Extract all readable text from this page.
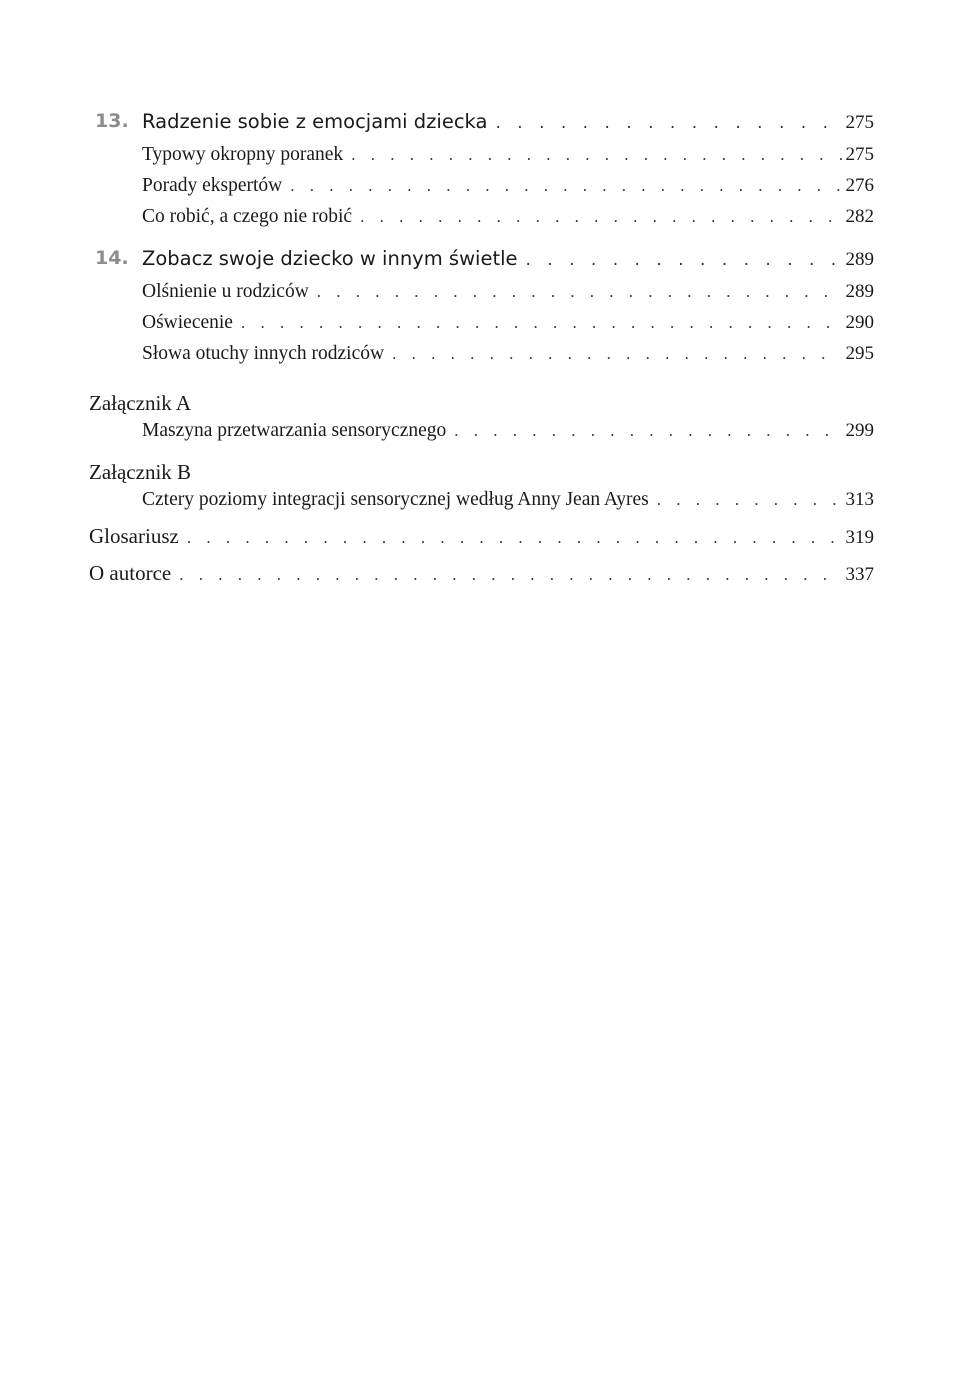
13. Radzenie sobie z emocjami dziecka . . .	275
Typowy okropny poranek . . .	275
Porady ekspertów . . .	276
Co robić, a czego nie robić . . .	282
14. Zobacz swoje dziecko w innym świetle . . .	289
Olśnienie u rodziców . . .	289
Oświecenie . . .	290
Słowa otuchy innych rodziców . . .	295
Załącznik A
Maszyna przetwarzania sensorycznego . . .	299
Załącznik B
Cztery poziomy integracji sensorycznej według Anny Jean Ayres . . .	313
Glosariusz . . .	319
O autorce . . .	337
